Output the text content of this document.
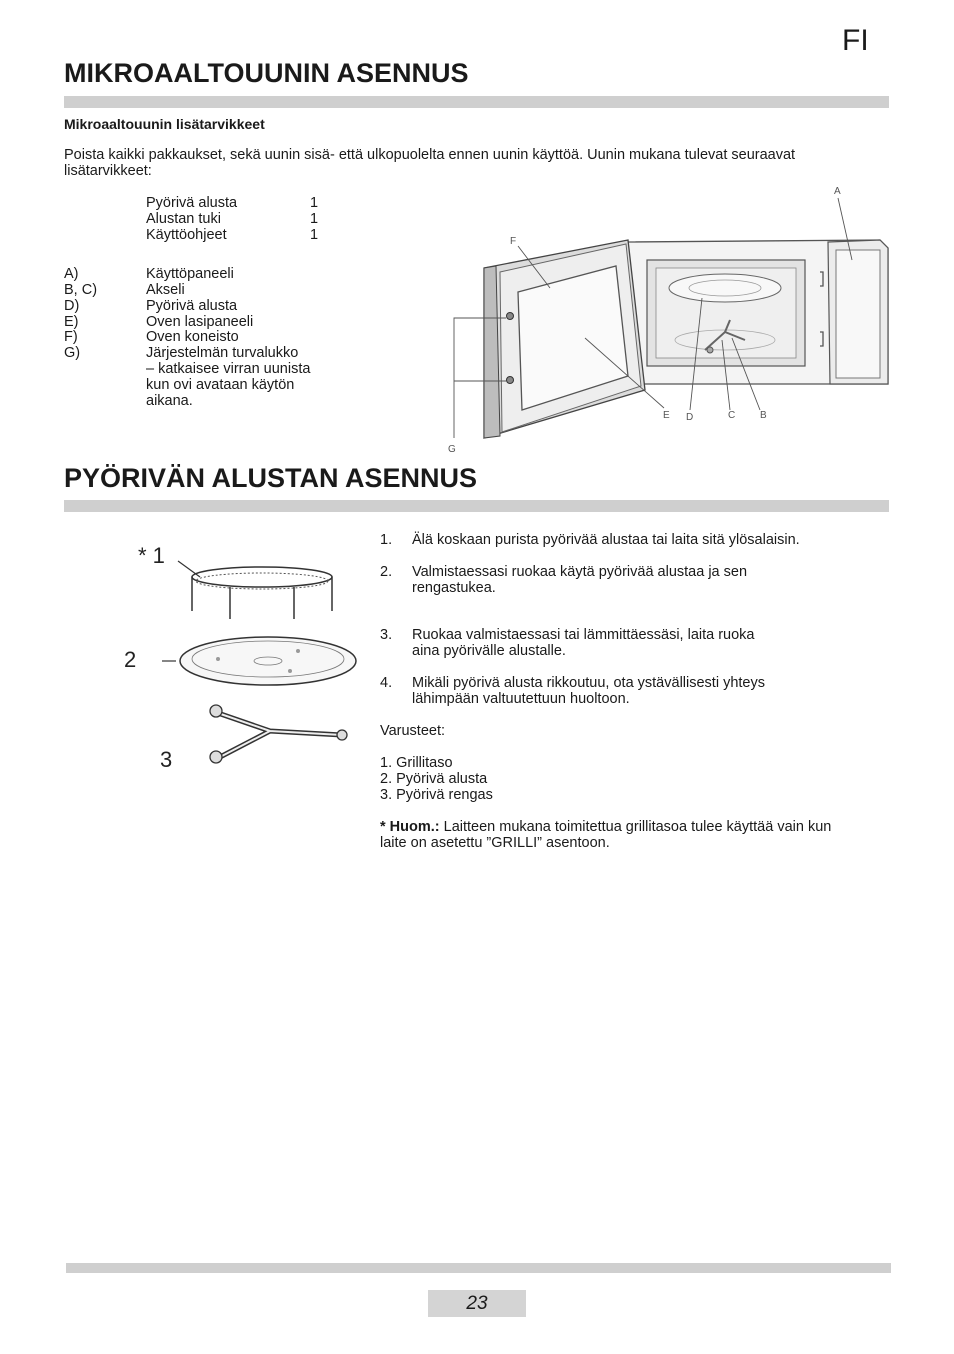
FI
MIKROAALTOUUNIN ASENNUS
Mikroaaltouunin lisätarvikkeet
Poista kaikki pakkaukset, sekä uunin sisä- että ulkopuolelta ennen uunin käyttöä. Uunin mukana tulevat seuraavat
lisätarvikkeet:
Pyörivä alusta	1
Alustan tuki	1
Käyttöohjeet	1
A)	Käyttöpaneeli
B, C)	Akseli
D)	Pyörivä alusta
E)	Oven lasipaneeli
F)	Oven koneisto
G)	Järjestelmän turvalukko
– katkaisee virran uunista
kun ovi avataan käytön
aikana.
A
F
E D	C B
G
PYÖRIVÄN ALUSTAN ASENNUS
* 1
2
3
1. Älä koskaan purista pyörivää alustaa tai laita sitä ylösalaisin.
2. Valmistaessasi ruokaa käytä pyörivää alustaa ja sen
rengastukea.
3. Ruokaa valmistaessasi tai lämmittäessäsi, laita ruoka
aina pyörivälle alustalle.
4. Mikäli pyörivä alusta rikkoutuu, ota ystävällisesti yhteys
lähimpään valtuutettuun huoltoon.
Varusteet:
1. Grillitaso
2. Pyörivä alusta
3. Pyörivä rengas
* Huom.: Laitteen mukana toimitettua grillitasoa tulee käyttää vain kun
laite on asetettu ”GRILLI” asentoon.
23
